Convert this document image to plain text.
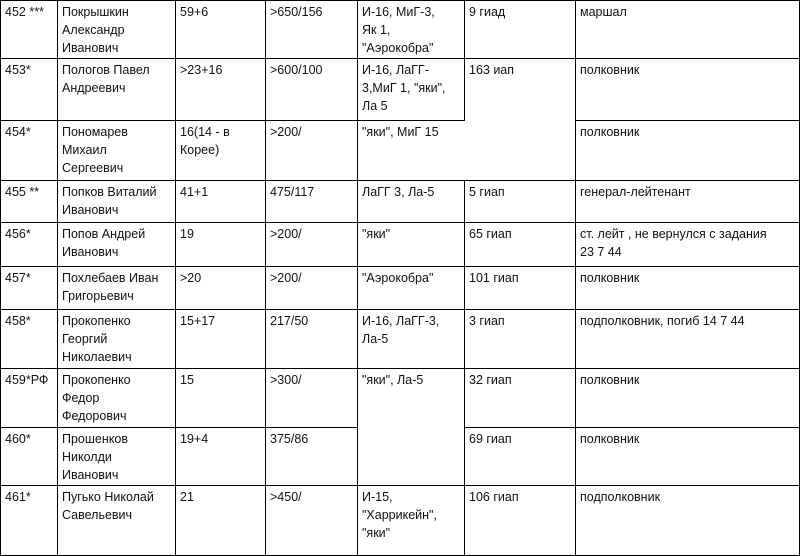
452 ***	Покрышкин
Александр
Иванович	59+6	>650/156	И-16, МиГ-3,
Як 1,
"Аэрокобра"	9 гиад	маршал
453*	Пологов Павел
Андреевич	>23+16	>600/100	И-16, ЛаГГ-
3,МиГ 1, "яки",
Ла 5	163 иап	полковник
454*	Пономарев
Михаил
Сергеевич	16(14 - в
Корее)	>200/	"яки", МиГ 15		полковник
455 **	Попков Виталий
Иванович	41+1	475/117	ЛаГГ 3, Ла-5	5 гиап	генерал-лейтенант
456*	Попов Андрей
Иванович	19	>200/	"яки"	65 гиап	ст. лейт , не вернулся с задания
23 7 44
457*	Похлебаев Иван
Григорьевич	>20	>200/	"Аэрокобра"	101 гиап	полковник
458*	Прокопенко
Георгий
Николаевич	15+17	217/50	И-16, ЛаГГ-3,
Ла-5	3 гиап	подполковник, погиб 14 7 44
459*РФ	Прокопенко
Федор
Федорович	15	>300/	"яки", Ла-5	32 гиап	полковник
460*	Прошенков
Николди
Иванович	19+4	375/86		69 гиап	полковник
461*	Пугько Николай
Савельевич	21	>450/	И-15,
"Харрикейн",
"яки"	106 гиап	подполковник
